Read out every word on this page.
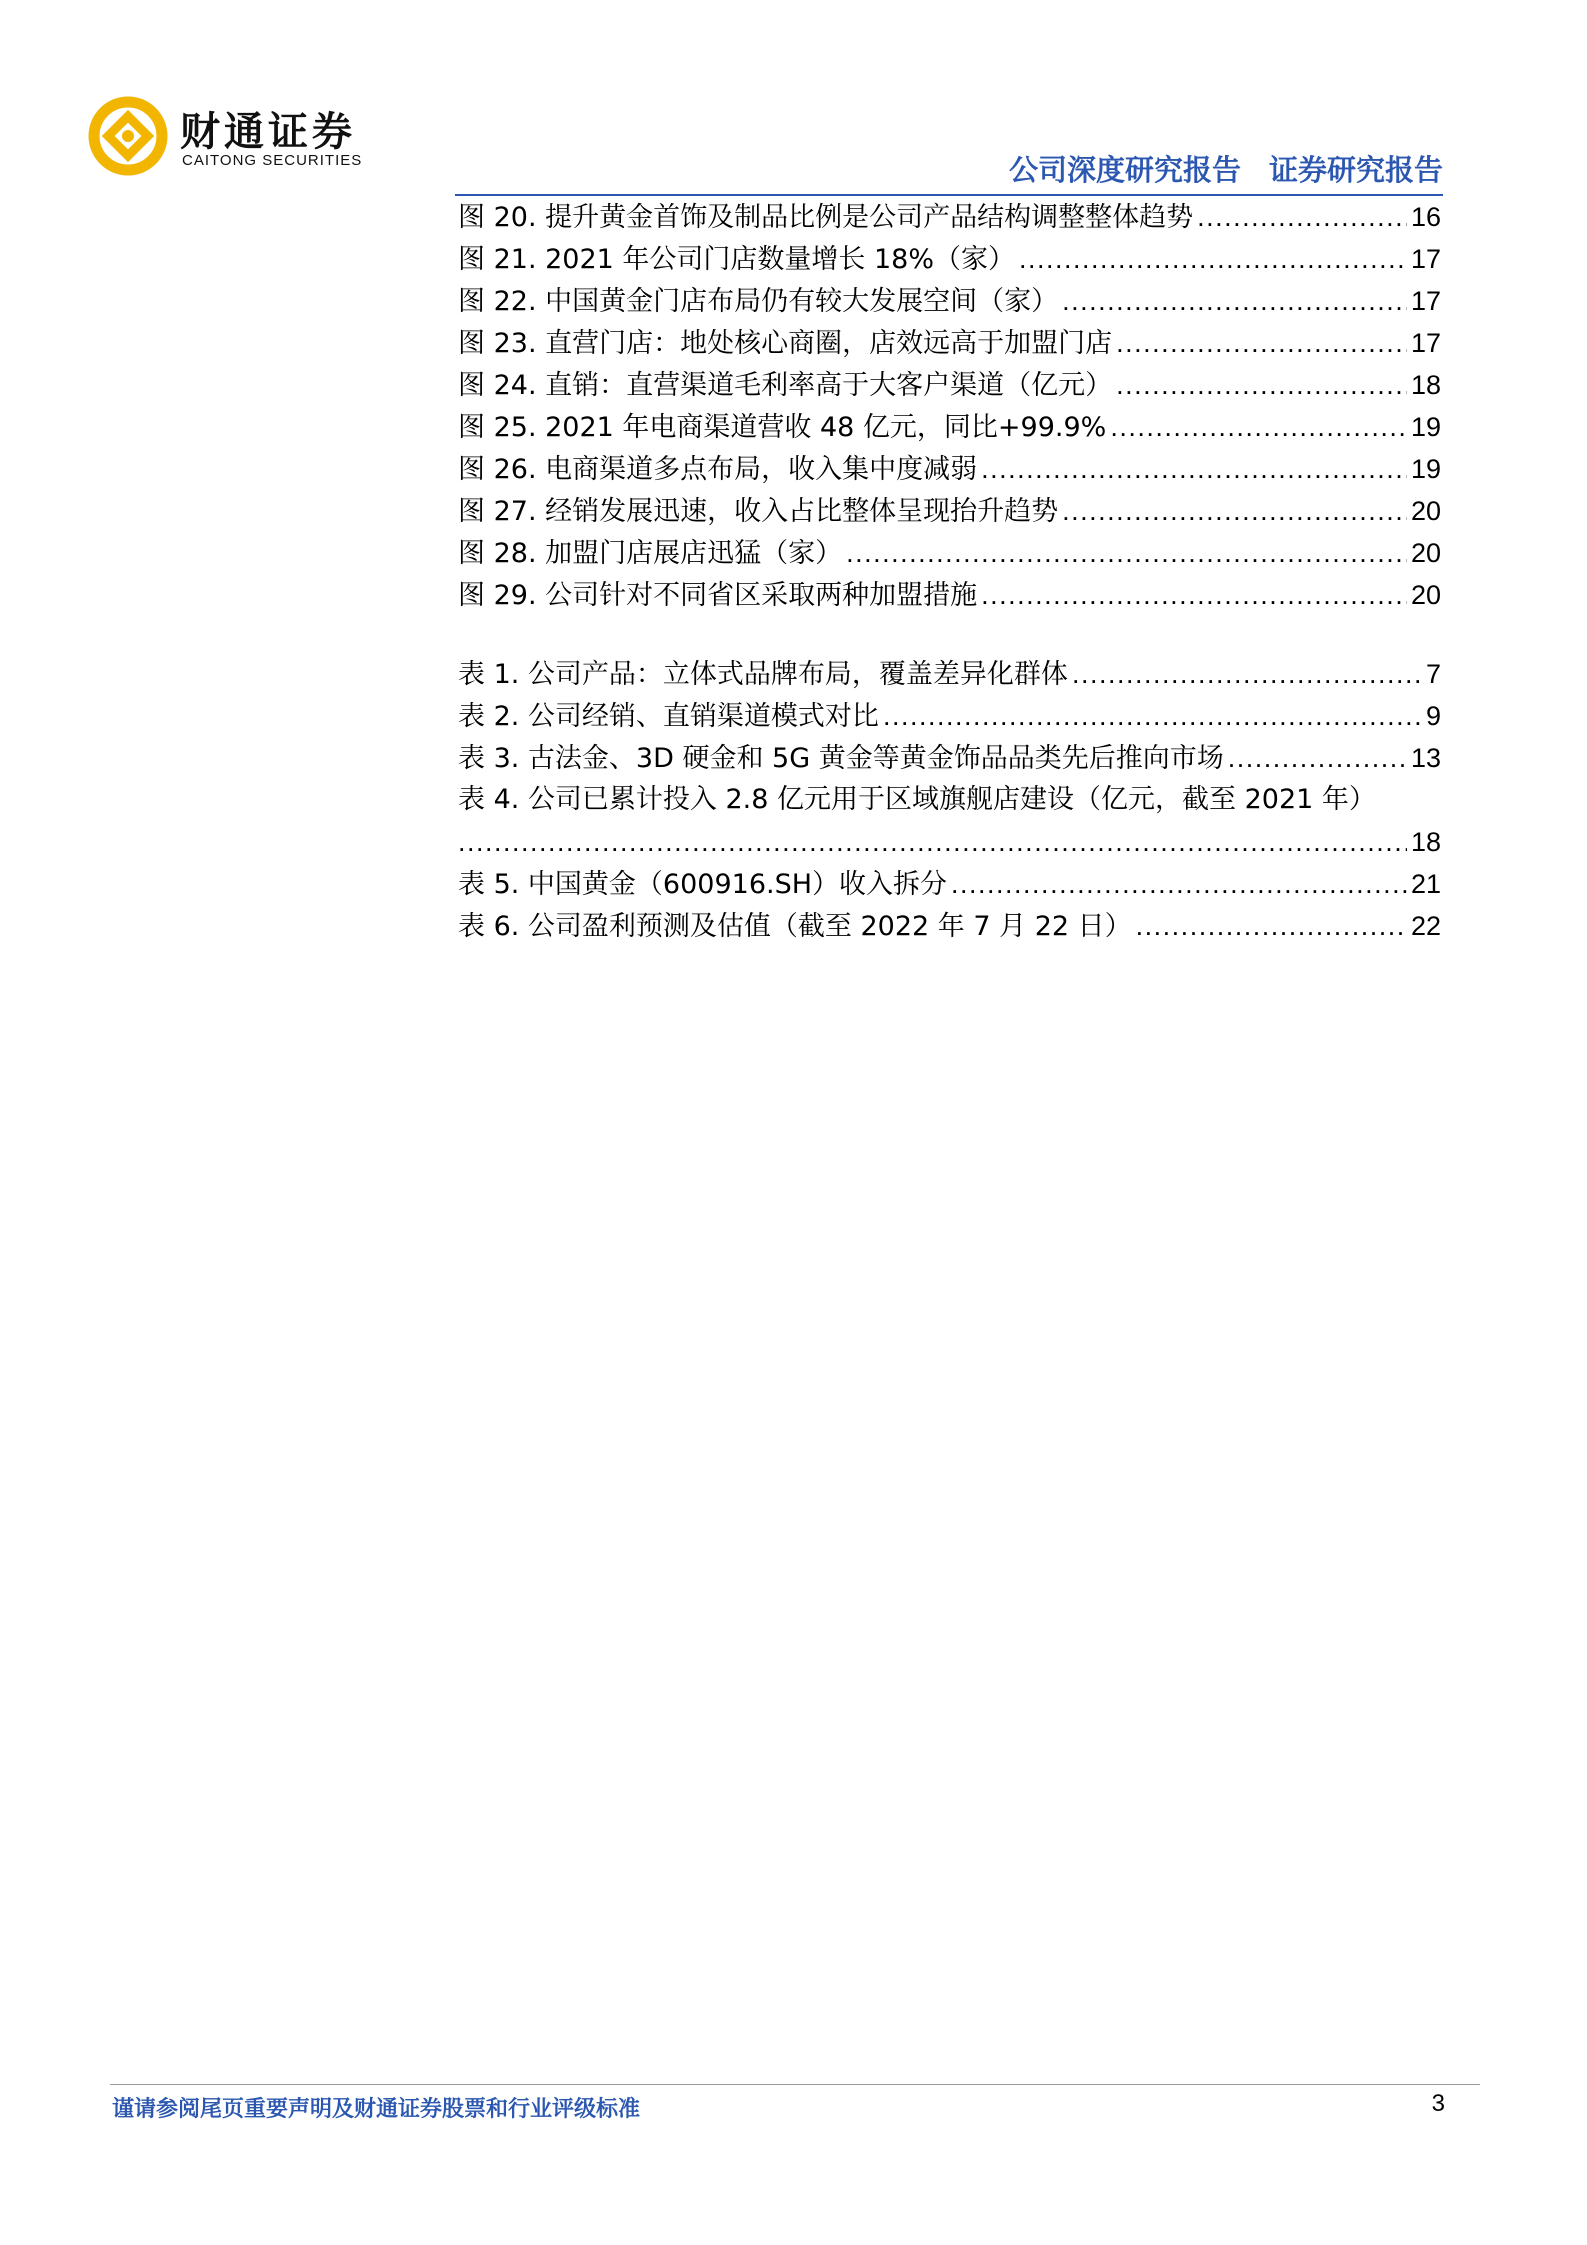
财通证券
CAITONG SECURITIES	公司深度研究报告 证券研究报告
图 20. 提升黄金首饰及制品比例是公司产品结构调整整体趋势 . . .	16
图 21. 2021 年公司门店数量增长 18%（家） . . .	17
图 22. 中国黄金门店布局仍有较大发展空间（家） . . .	17
图 23. 直营门店：地处核心商圈，店效远高于加盟门店 . . .	17
图 24. 直销：直营渠道毛利率高于大客户渠道（亿元） . . .	18
图 25. 2021 年电商渠道营收 48 亿元，同比+99.9% . . .	19
图 26. 电商渠道多点布局，收入集中度减弱 . . .	19
图 27. 经销发展迅速，收入占比整体呈现抬升趋势 . . .	20
图 28. 加盟门店展店迅猛（家） . . .	20
图 29. 公司针对不同省区采取两种加盟措施 . . .	20
表 1. 公司产品：立体式品牌布局，覆盖差异化群体 . . .	7
表 2. 公司经销、直销渠道模式对比 . . .	9
表 3. 古法金、3D 硬金和 5G 黄金等黄金饰品品类先后推向市场 . . .	13
表 4. 公司已累计投入 2.8 亿元用于区域旗舰店建设（亿元，截至 2021 年）
. . .
18
表 5. 中国黄金（600916.SH）收入拆分 . . .	21
表 6. 公司盈利预测及估值（截至 2022 年 7 月 22 日） . . .	22
谨请参阅尾页重要声明及财通证券股票和行业评级标准	3
